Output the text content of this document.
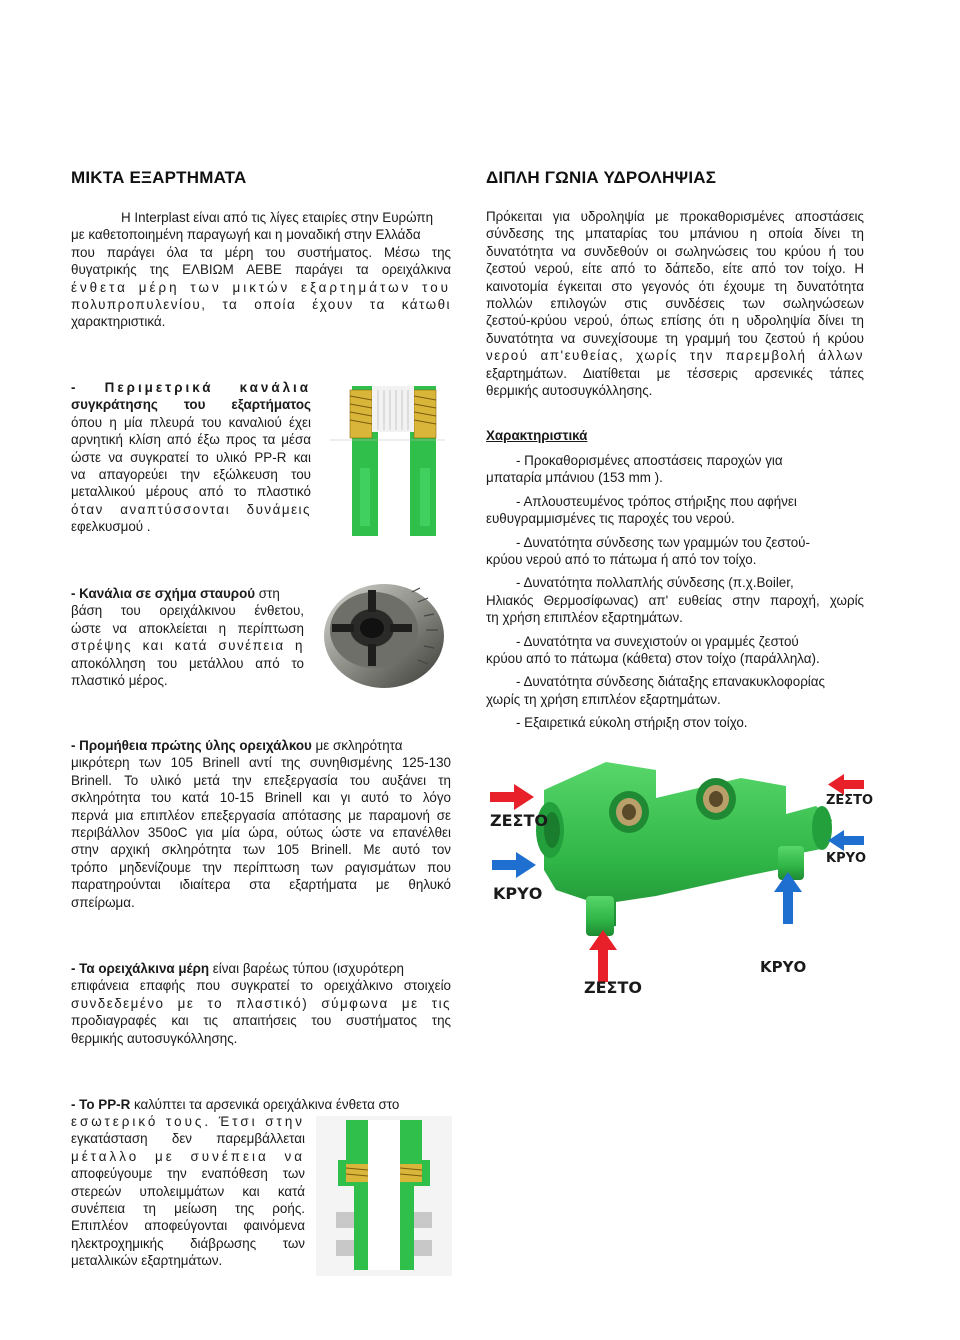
ΜΙΚΤΑ ΕΞΑΡΤΗΜΑΤΑ
Η Interplast είναι από τις λίγες εταιρίες στην Ευρώπη
με καθετοποιημένη παραγωγή και η μοναδική στην Ελλάδα
που παράγει όλα τα μέρη του συστήματος. Μέσω της
θυγατρικής της ΕΛΒΙΩΜ ΑΕΒΕ παράγει τα ορειχάλκινα
ένθετα μέρη των μικτών εξαρτημάτων του
πολυπροπυλενίου, τα οποία έχουν τα κάτωθι
χαρακτηριστικά.
- Περιμετρικά κανάλια
συγκράτησης του εξαρτήματος
όπου η μία πλευρά του καναλιού έχει
αρνητική κλίση από έξω προς τα μέσα
ώστε να συγκρατεί το υλικό PP-R και
να απαγορεύει την εξώλκευση του
μεταλλικού μέρους από το πλαστικό
όταν αναπτύσσονται δυνάμεις
εφελκυσμού .
- Κανάλια σε σχήμα σταυρού στη
βάση του ορειχάλκινου ένθετου,
ώστε να αποκλείεται η περίπτωση
στρέψης και κατά συνέπεια η
αποκόλληση του μετάλλου από το
πλαστικό μέρος.
- Προμήθεια πρώτης ύλης ορειχάλκου με σκληρότητα
μικρότερη των 105 Brinell αντί της συνηθισμένης 125-130
Brinell. Το υλικό μετά την επεξεργασία του αυξάνει τη
σκληρότητα του κατά 10-15 Brinell και γι αυτό το λόγο
περνά μια επιπλέον επεξεργασία απότασης με παραμονή σε
περιβάλλον 350οC για μία ώρα, ούτως ώστε να επανέλθει
στην αρχική σκληρότητα των 105 Brinell. Με αυτό τον
τρόπο μηδενίζουμε την περίπτωση των ραγισμάτων που
παρατηρούνται ιδιαίτερα στα εξαρτήματα με θηλυκό
σπείρωμα.
- Τα ορειχάλκινα μέρη είναι βαρέως τύπου (ισχυρότερη
επιφάνεια επαφής που συγκρατεί το ορειχάλκινο στοιχείο
συνδεδεμένο με το πλαστικό) σύμφωνα με τις
προδιαγραφές και τις απαιτήσεις του συστήματος της
θερμικής αυτοσυγκόλλησης.
- Το PP-R καλύπτει τα αρσενικά ορειχάλκινα ένθετα στο
εσωτερικό τους. Έτσι στην
εγκατάσταση δεν παρεμβάλλεται
μέταλλο με συνέπεια να
αποφεύγουμε την εναπόθεση των
στερεών υπολειμμάτων και κατά
συνέπεια τη μείωση της ροής.
Επιπλέον αποφεύγονται φαινόμενα
ηλεκτροχημικής διάβρωσης των
μεταλλικών εξαρτημάτων.
ΔΙΠΛΗ ΓΩΝΙΑ ΥΔΡΟΛΗΨΙΑΣ
Πρόκειται για υδροληψία με προκαθορισμένες αποστάσεις
σύνδεσης της μπαταρίας του μπάνιου η οποία δίνει τη
δυνατότητα να συνδεθούν οι σωληνώσεις του κρύου ή του
ζεστού νερού, είτε από το δάπεδο, είτε από τον τοίχο. Η
καινοτομία έγκειται στο γεγονός ότι έχουμε τη δυνατότητα
πολλών επιλογών στις συνδέσεις των σωληνώσεων
ζεστού-κρύου νερού, όπως επίσης ότι η υδροληψία δίνει τη
δυνατότητα να συνεχίσουμε τη γραμμή του ζεστού ή κρύου
νερού απ'ευθείας, χωρίς την παρεμβολή άλλων
εξαρτημάτων. Διατίθεται με τέσσερις αρσενικές τάπες
θερμικής αυτοσυγκόλλησης.
Χαρακτηριστικά
- Προκαθορισμένες αποστάσεις παροχών για
μπαταρία μπάνιου (153 mm ).
- Απλουστευμένος τρόπος στήριξης που αφήνει
ευθυγραμμισμένες τις παροχές του νερού.
- Δυνατότητα σύνδεσης των γραμμών του ζεστού-
κρύου νερού από το πάτωμα ή από τον τοίχο.
- Δυνατότητα πολλαπλής σύνδεσης (π.χ.Boiler,
Ηλιακός Θερμοσίφωνας) απ' ευθείας στην παροχή, χωρίς
τη χρήση επιπλέον εξαρτημάτων.
- Δυνατότητα να συνεχιστούν οι γραμμές ζεστού
κρύου από το πάτωμα (κάθετα) στον τοίχο (παράλληλα).
- Δυνατότητα σύνδεσης διάταξης επανακυκλοφορίας
χωρίς τη χρήση επιπλέον εξαρτημάτων.
- Εξαιρετικά εύκολη στήριξη στον τοίχο.
ΖΕΣΤΟ
ΚΡΥΟ
ΖΕΣΤΟ
ΚΡΥΟ
ΖΕΣΤΟ
ΚΡΥΟ
